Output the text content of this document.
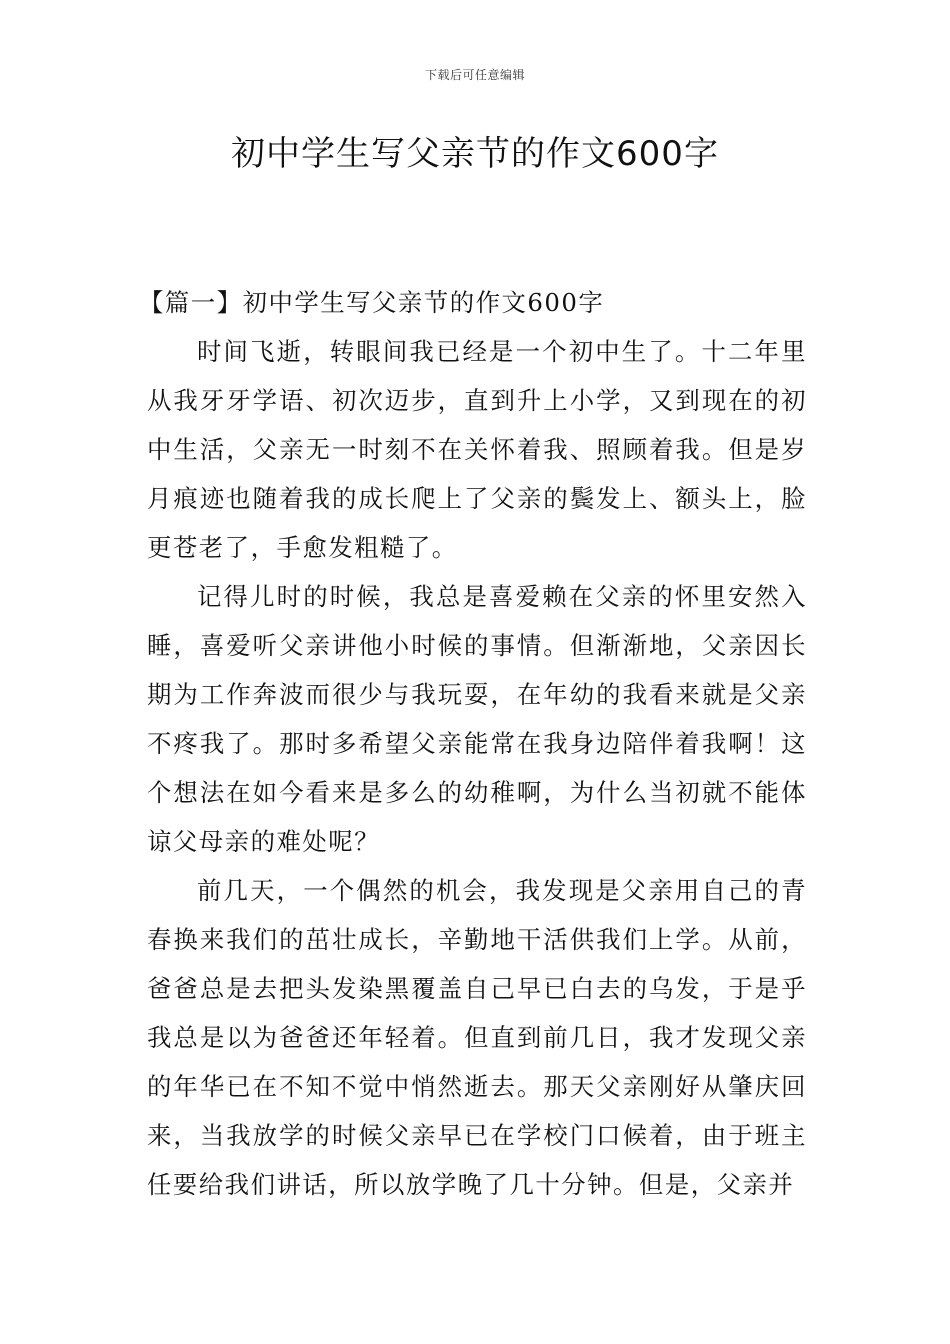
下载后可任意编辑
初中学生写父亲节的作文600字

【篇一】初中学生写父亲节的作文600字

时间飞逝，转眼间我已经是一个初中生了。十二年里从我牙牙学语、初次迈步，直到升上小学，又到现在的初中生活，父亲无一时刻不在关怀着我、照顾着我。但是岁月痕迹也随着我的成长爬上了父亲的鬓发上、额头上，脸更苍老了，手愈发粗糙了。

记得儿时的时候，我总是喜爱赖在父亲的怀里安然入睡，喜爱听父亲讲他小时候的事情。但渐渐地，父亲因长期为工作奔波而很少与我玩耍，在年幼的我看来就是父亲不疼我了。那时多希望父亲能常在我身边陪伴着我啊！这个想法在如今看来是多么的幼稚啊，为什么当初就不能体谅父母亲的难处呢？

前几天，一个偶然的机会，我发现是父亲用自己的青春换来我们的茁壮成长，辛勤地干活供我们上学。从前，爸爸总是去把头发染黑覆盖自己早已白去的乌发，于是乎我总是以为爸爸还年轻着。但直到前几日，我才发现父亲的年华已在不知不觉中悄然逝去。那天父亲刚好从肇庆回来，当我放学的时候父亲早已在学校门口候着，由于班主任要给我们讲话，所以放学晚了几十分钟。但是，父亲并
